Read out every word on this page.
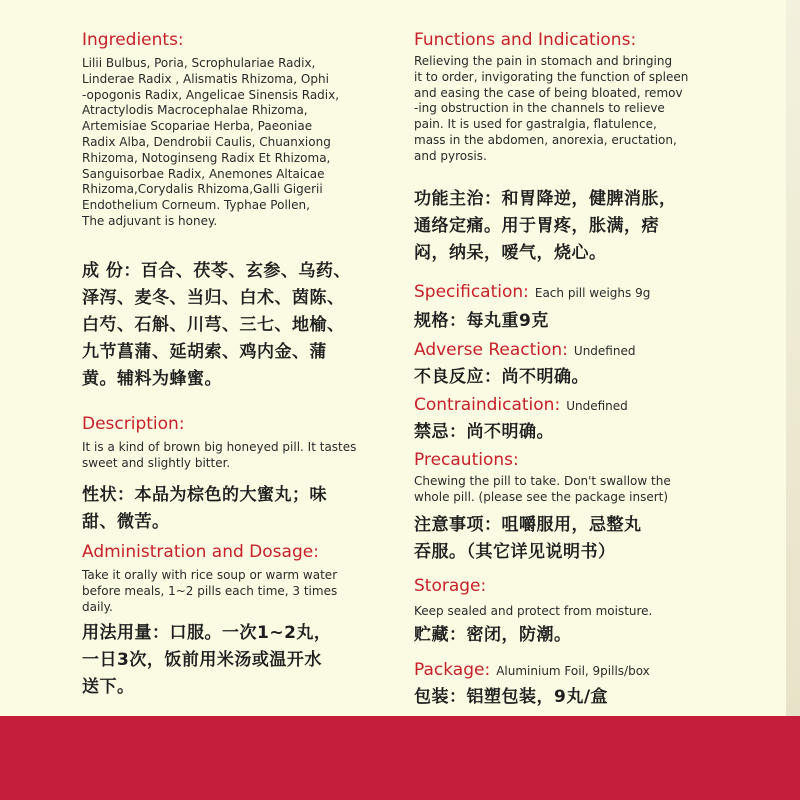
Ingredients:
Lilii Bulbus, Poria, Scrophulariae Radix,
Linderae Radix , Alismatis Rhizoma, Ophi
-opogonis Radix, Angelicae Sinensis Radix,
Atractylodis Macrocephalae Rhizoma,
Artemisiae Scopariae Herba, Paeoniae
Radix Alba, Dendrobii Caulis, Chuanxiong
Rhizoma, Notoginseng Radix Et Rhizoma,
Sanguisorbae Radix, Anemones Altaicae
Rhizoma,Corydalis Rhizoma,Galli Gigerii
Endothelium Corneum. Typhae Pollen,
The adjuvant is honey.
成 份：百合、茯苓、玄参、乌药、
泽泻、麦冬、当归、白术、茵陈、
白芍、石斛、川芎、三七、地榆、
九节菖蒲、延胡索、鸡内金、蒲
黄。辅料为蜂蜜。
Description:
It is a kind of brown big honeyed pill. It tastes
sweet and slightly bitter.
性状：本品为棕色的大蜜丸；味
甜、微苦。
Administration and Dosage:
Take it orally with rice soup or warm water
before meals, 1~2 pills each time, 3 times
daily.
用法用量：口服。一次1~2丸，
一日3次，饭前用米汤或温开水
送下。
Functions and Indications:
Relieving the pain in stomach and bringing
it to order, invigorating the function of spleen
and easing the case of being bloated, remov
-ing obstruction in the channels to relieve
pain. It is used for gastralgia, flatulence,
mass in the abdomen, anorexia, eructation,
and pyrosis.
功能主治：和胃降逆，健脾消胀，
通络定痛。用于胃疼，胀满，痞
闷，纳呆，嗳气，烧心。
Specification: Each pill weighs 9g
规格：每丸重9克
Adverse Reaction: Undefined
不良反应：尚不明确。
Contraindication: Undefined
禁忌：尚不明确。
Precautions:
Chewing the pill to take. Don't swallow the
whole pill. (please see the package insert)
注意事项：咀嚼服用，忌整丸
吞服。（其它详见说明书）
Storage:
Keep sealed and protect from moisture.
贮藏：密闭，防潮。
Package: Aluminium Foil, 9pills/box
包装：铝塑包装，9丸/盒
